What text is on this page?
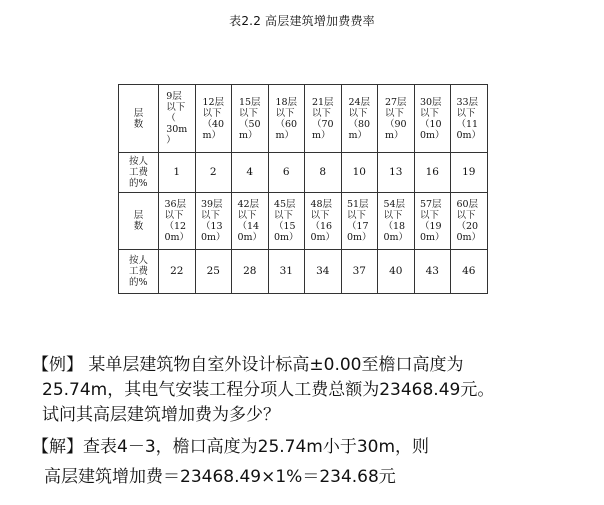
表2.2 高层建筑增加费费率
层
数	9层
以下
（
30m
）	12层
以下
（40
m）	15层
以下
（50
m）	18层
以下
（60
m）	21层
以下
（70
m）	24层
以下
（80
m）	27层
以下
（90
m）	30层
以下
（10
0m）	33层
以下
（11
0m）
按人
工费
的%	1	2	4	6	8	10	13	16	19
层
数	36层
以下
（12
0m）	39层
以下
（13
0m）	42层
以下
（14
0m）	45层
以下
（15
0m）	48层
以下
（16
0m）	51层
以下
（17
0m）	54层
以下
（18
0m）	57层
以下
（19
0m）	60层
以下
（20
0m）
按人
工费
的%	22	25	28	31	34	37	40	43	46
【例】 某单层建筑物自室外设计标高±0.00至檐口高度为
25.74m，其电气安装工程分项人工费总额为23468.49元。
试问其高层建筑增加费为多少？
【解】查表4－3，檐口高度为25.74m小于30m，则
高层建筑增加费＝23468.49×1%＝234.68元
